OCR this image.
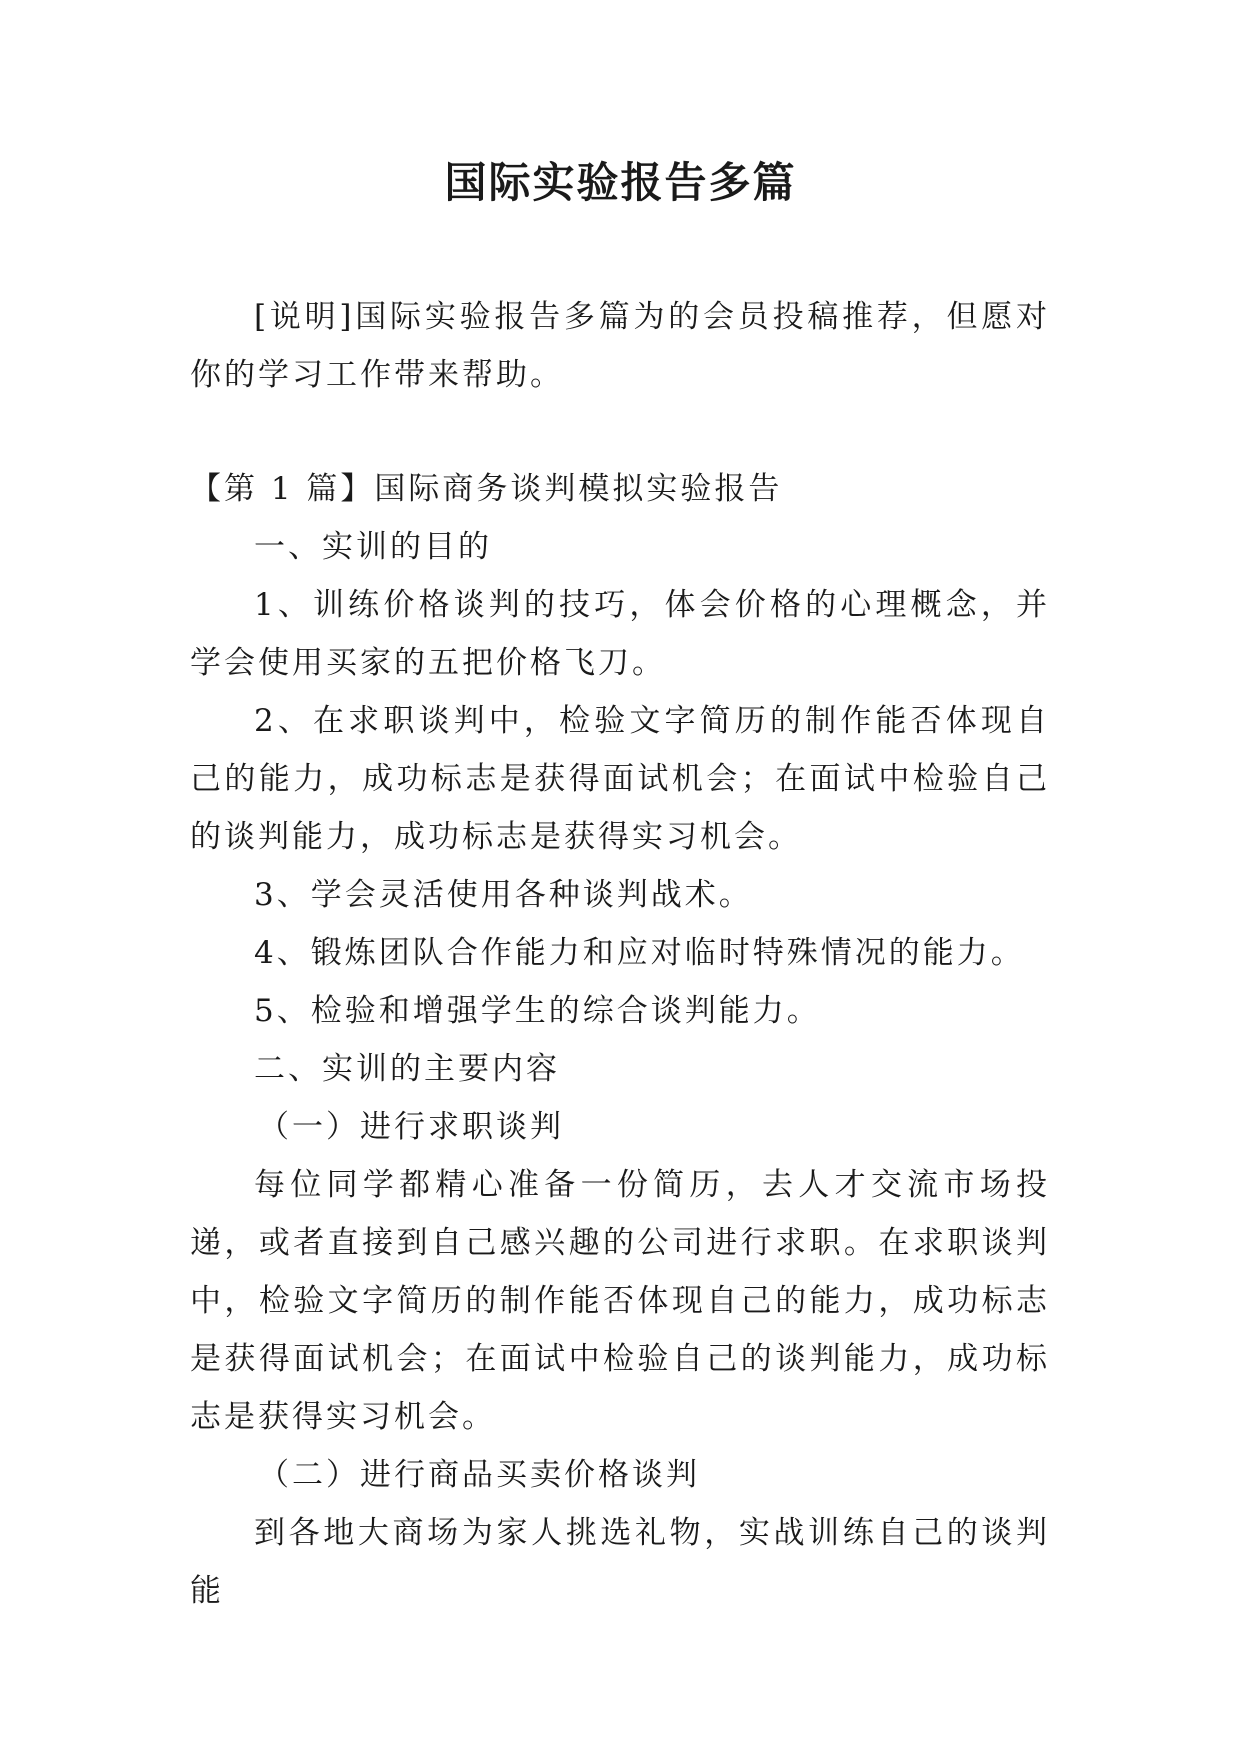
国际实验报告多篇

[说明]国际实验报告多篇为的会员投稿推荐，但愿对你的学习工作带来帮助。

【第 1 篇】国际商务谈判模拟实验报告

一、实训的目的

1、训练价格谈判的技巧，体会价格的心理概念，并学会使用买家的五把价格飞刀。

2、在求职谈判中，检验文字简历的制作能否体现自己的能力，成功标志是获得面试机会；在面试中检验自己的谈判能力，成功标志是获得实习机会。

3、学会灵活使用各种谈判战术。

4、锻炼团队合作能力和应对临时特殊情况的能力。

5、检验和增强学生的综合谈判能力。

二、实训的主要内容

（一）进行求职谈判

每位同学都精心准备一份简历，去人才交流市场投递，或者直接到自己感兴趣的公司进行求职。在求职谈判中，检验文字简历的制作能否体现自己的能力，成功标志是获得面试机会；在面试中检验自己的谈判能力，成功标志是获得实习机会。

（二）进行商品买卖价格谈判

到各地大商场为家人挑选礼物，实战训练自己的谈判能
